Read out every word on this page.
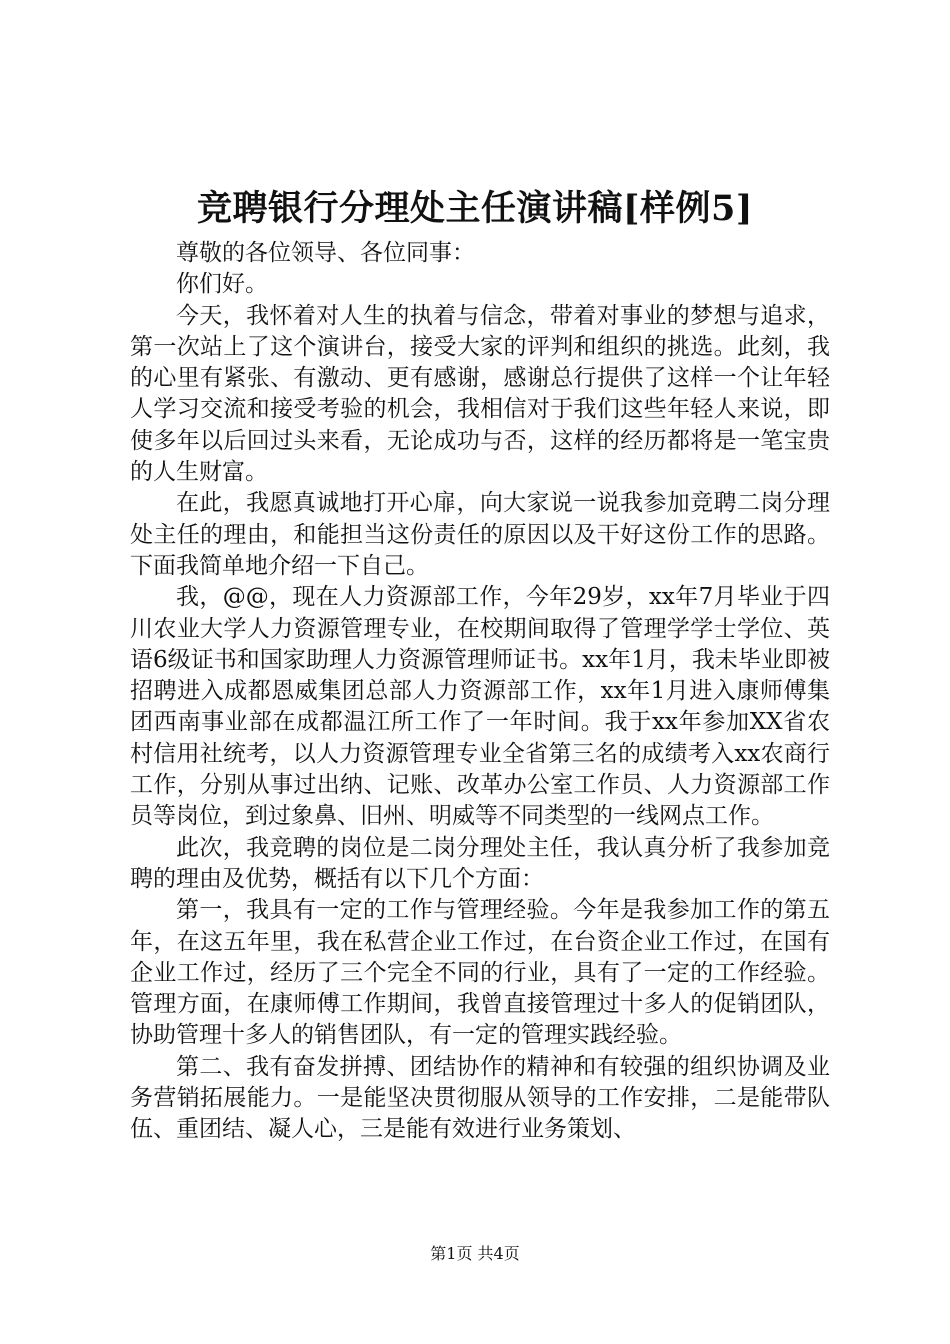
竞聘银行分理处主任演讲稿[样例5]

尊敬的各位领导、各位同事：

你们好。

今天，我怀着对人生的执着与信念，带着对事业的梦想与追求，第一次站上了这个演讲台，接受大家的评判和组织的挑选。此刻，我的心里有紧张、有激动、更有感谢，感谢总行提供了这样一个让年轻人学习交流和接受考验的机会，我相信对于我们这些年轻人来说，即使多年以后回过头来看，无论成功与否，这样的经历都将是一笔宝贵的人生财富。

在此，我愿真诚地打开心扉，向大家说一说我参加竞聘二岗分理处主任的理由，和能担当这份责任的原因以及干好这份工作的思路。下面我简单地介绍一下自己。

我，@@，现在人力资源部工作，今年29岁，xx年7月毕业于四川农业大学人力资源管理专业，在校期间取得了管理学学士学位、英语6级证书和国家助理人力资源管理师证书。xx年1月，我未毕业即被招聘进入成都恩威集团总部人力资源部工作，xx年1月进入康师傅集团西南事业部在成都温江所工作了一年时间。我于xx年参加XX省农村信用社统考，以人力资源管理专业全省第三名的成绩考入xx农商行工作，分别从事过出纳、记账、改革办公室工作员、人力资源部工作员等岗位，到过象鼻、旧州、明威等不同类型的一线网点工作。

此次，我竞聘的岗位是二岗分理处主任，我认真分析了我参加竞聘的理由及优势，概括有以下几个方面：

第一，我具有一定的工作与管理经验。今年是我参加工作的第五年，在这五年里，我在私营企业工作过，在台资企业工作过，在国有企业工作过，经历了三个完全不同的行业，具有了一定的工作经验。管理方面，在康师傅工作期间，我曾直接管理过十多人的促销团队，协助管理十多人的销售团队，有一定的管理实践经验。

第二、我有奋发拼搏、团结协作的精神和有较强的组织协调及业务营销拓展能力。一是能坚决贯彻服从领导的工作安排，二是能带队伍、重团结、凝人心，三是能有效进行业务策划、

第1页 共4页
